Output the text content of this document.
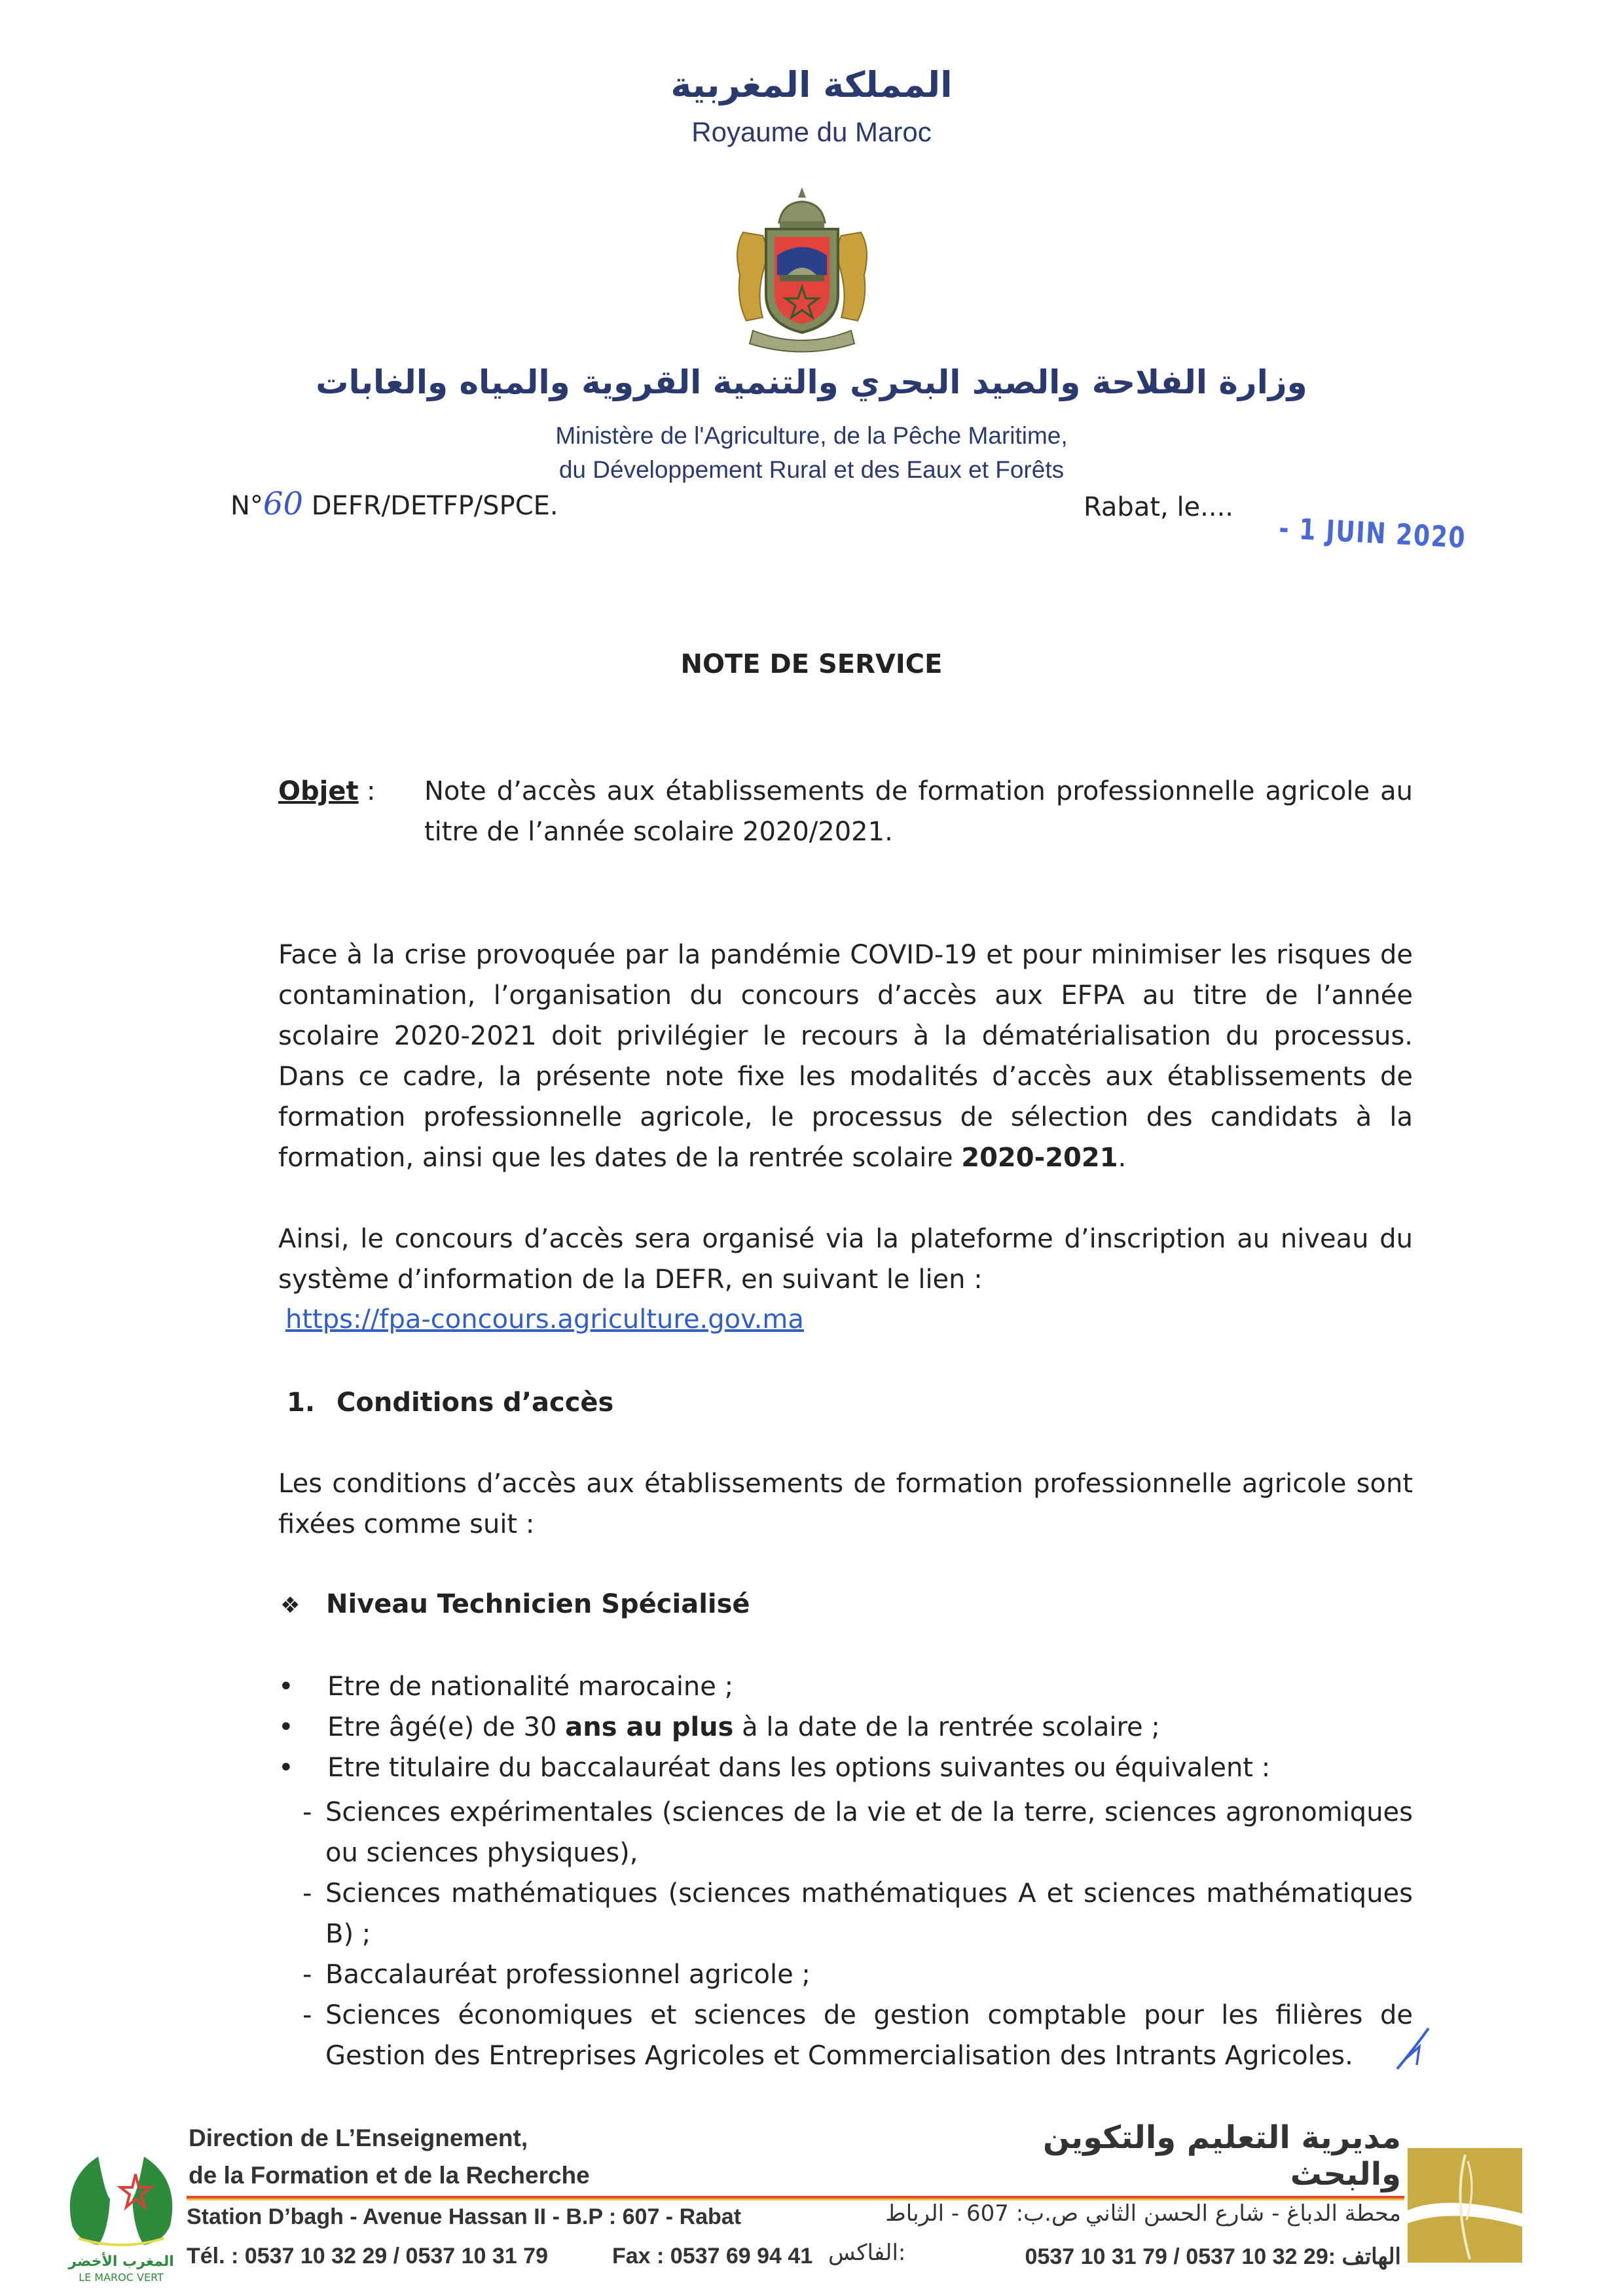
المملكة المغربية
Royaume du Maroc
وزارة الفلاحة والصيد البحري والتنمية القروية والمياه والغابات
Ministère de l'Agriculture, de la Pêche Maritime,
du Développement Rural et des Eaux et Forêts
N°60 DEFR/DETFP/SPCE.	Rabat, le....
- 1 JUIN 2020
NOTE DE SERVICE
Objet : Note d’accès aux établissements de formation professionnelle agricole au titre de l’année scolaire 2020/2021.
Face à la crise provoquée par la pandémie COVID-19 et pour minimiser les risques de contamination, l’organisation du concours d’accès aux EFPA au titre de l’année scolaire 2020-2021 doit privilégier le recours à la dématérialisation du processus. Dans ce cadre, la présente note fixe les modalités d’accès aux établissements de formation professionnelle agricole, le processus de sélection des candidats à la formation, ainsi que les dates de la rentrée scolaire 2020-2021.
Ainsi, le concours d’accès sera organisé via la plateforme d’inscription au niveau du système d’information de la DEFR, en suivant le lien :
https://fpa-concours.agriculture.gov.ma
1. Conditions d’accès
Les conditions d’accès aux établissements de formation professionnelle agricole sont fixées comme suit :
❖ Niveau Technicien Spécialisé
• Etre de nationalité marocaine ;
• Etre âgé(e) de 30 ans au plus à la date de la rentrée scolaire ;
• Etre titulaire du baccalauréat dans les options suivantes ou équivalent :
- Sciences expérimentales (sciences de la vie et de la terre, sciences agronomiques ou sciences physiques),
- Sciences mathématiques (sciences mathématiques A et sciences mathématiques B) ;
- Baccalauréat professionnel agricole ;
- Sciences économiques et sciences de gestion comptable pour les filières de Gestion des Entreprises Agricoles et Commercialisation des Intrants Agricoles.
المغرب الأخضر
LE MAROC VERT
Direction de L’Enseignement,
de la Formation et de la Recherche
مديرية التعليم والتكوين والبحث
Station D’bagh - Avenue Hassan II - B.P : 607 - Rabat	محطة الدباغ - شارع الحسن الثاني ص.ب: 607 - الرباط
Tél. : 0537 10 32 29 / 0537 10 31 79	Fax : 0537 69 94 41 :الفاكس	0537 10 31 79 / 0537 10 32 29: الهاتف
